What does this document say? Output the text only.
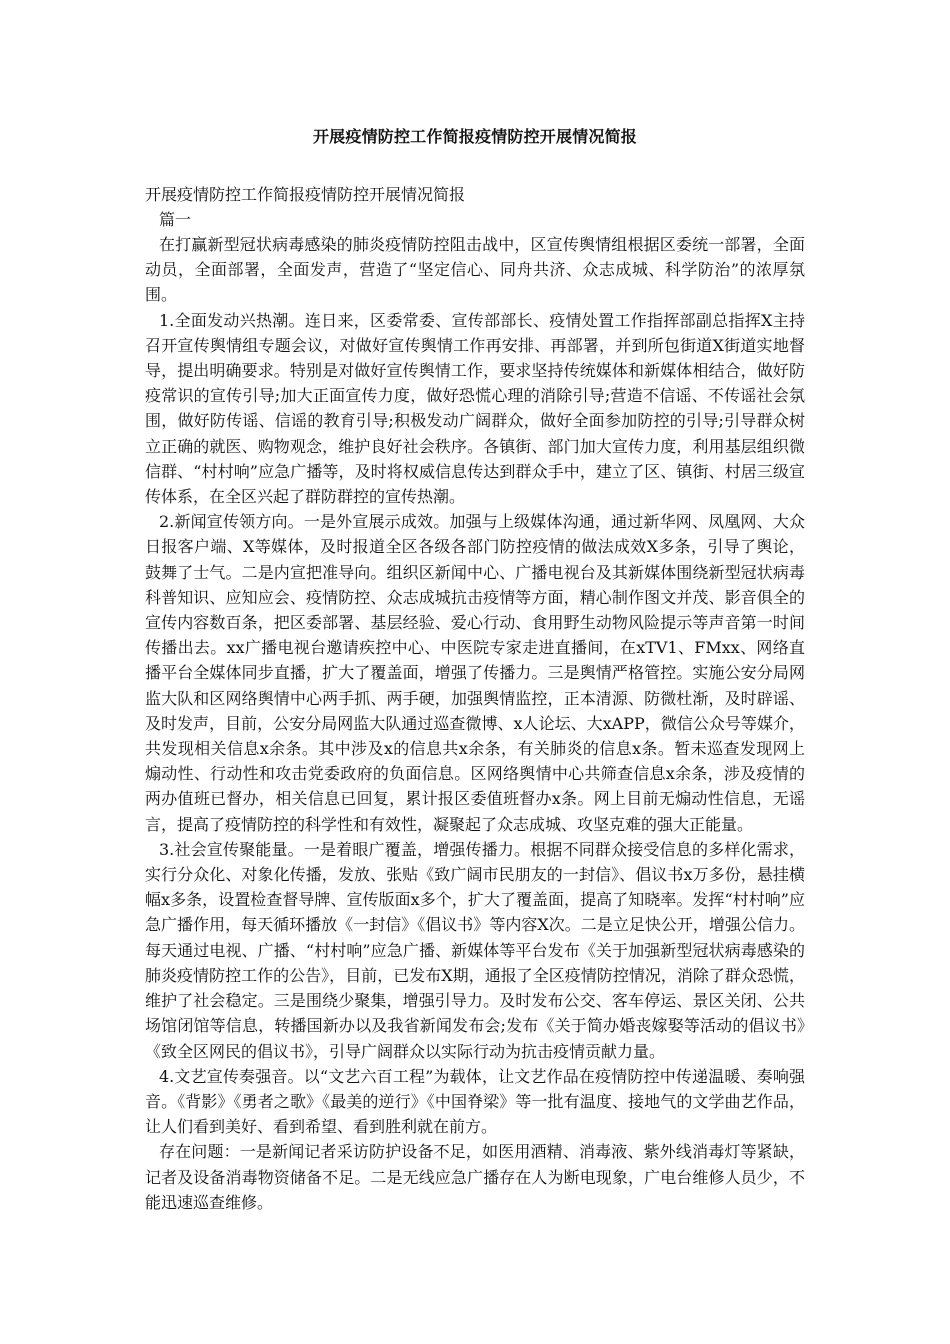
开展疫情防控工作简报疫情防控开展情况简报

开展疫情防控工作简报疫情防控开展情况简报

篇一

在打赢新型冠状病毒感染的肺炎疫情防控阻击战中，区宣传舆情组根据区委统一部署，全面动员，全面部署，全面发声，营造了“坚定信心、同舟共济、众志成城、科学防治”的浓厚氛围。

1.全面发动兴热潮。连日来，区委常委、宣传部部长、疫情处置工作指挥部副总指挥X主持召开宣传舆情组专题会议，对做好宣传舆情工作再安排、再部署，并到所包街道X街道实地督导，提出明确要求。特别是对做好宣传舆情工作，要求坚持传统媒体和新媒体相结合，做好防疫常识的宣传引导;加大正面宣传力度，做好恐慌心理的消除引导;营造不信谣、不传谣社会氛围，做好防传谣、信谣的教育引导;积极发动广阔群众，做好全面参加防控的引导;引导群众树立正确的就医、购物观念，维护良好社会秩序。各镇街、部门加大宣传力度，利用基层组织微信群、“村村响”应急广播等，及时将权威信息传达到群众手中，建立了区、镇街、村居三级宣传体系，在全区兴起了群防群控的宣传热潮。

2.新闻宣传领方向。一是外宣展示成效。加强与上级媒体沟通，通过新华网、凤凰网、大众日报客户端、X等媒体，及时报道全区各级各部门防控疫情的做法成效X多条，引导了舆论，鼓舞了士气。二是内宣把准导向。组织区新闻中心、广播电视台及其新媒体围绕新型冠状病毒科普知识、应知应会、疫情防控、众志成城抗击疫情等方面，精心制作图文并茂、影音俱全的宣传内容数百条，把区委部署、基层经验、爱心行动、食用野生动物风险提示等声音第一时间传播出去。xx广播电视台邀请疾控中心、中医院专家走进直播间，在xTV1、FMxx、网络直播平台全媒体同步直播，扩大了覆盖面，增强了传播力。三是舆情严格管控。实施公安分局网监大队和区网络舆情中心两手抓、两手硬，加强舆情监控，正本清源、防微杜渐，及时辟谣、及时发声，目前，公安分局网监大队通过巡查微博、x人论坛、大xAPP，微信公众号等媒介，共发现相关信息x余条。其中涉及x的信息共x余条，有关肺炎的信息x条。暂未巡查发现网上煽动性、行动性和攻击党委政府的负面信息。区网络舆情中心共筛查信息x余条，涉及疫情的两办值班已督办，相关信息已回复，累计报区委值班督办x条。网上目前无煽动性信息，无谣言，提高了疫情防控的科学性和有效性，凝聚起了众志成城、攻坚克难的强大正能量。

3.社会宣传聚能量。一是着眼广覆盖，增强传播力。根据不同群众接受信息的多样化需求，实行分众化、对象化传播，发放、张贴《致广阔市民朋友的一封信》、倡议书x万多份，悬挂横幅x多条，设置检查督导牌、宣传版面x多个，扩大了覆盖面，提高了知晓率。发挥“村村响”应急广播作用，每天循环播放《一封信》《倡议书》等内容X次。二是立足快公开，增强公信力。每天通过电视、广播、“村村响”应急广播、新媒体等平台发布《关于加强新型冠状病毒感染的肺炎疫情防控工作的公告》，目前，已发布X期，通报了全区疫情防控情况，消除了群众恐慌，维护了社会稳定。三是围绕少聚集，增强引导力。及时发布公交、客车停运、景区关闭、公共场馆闭馆等信息，转播国新办以及我省新闻发布会;发布《关于简办婚丧嫁娶等活动的倡议书》《致全区网民的倡议书》，引导广阔群众以实际行动为抗击疫情贡献力量。

4.文艺宣传奏强音。以“文艺六百工程”为载体，让文艺作品在疫情防控中传递温暖、奏响强音。《背影》《勇者之歌》《最美的逆行》《中国脊梁》等一批有温度、接地气的文学曲艺作品，让人们看到美好、看到希望、看到胜利就在前方。

存在问题：一是新闻记者采访防护设备不足，如医用酒精、消毒液、紫外线消毒灯等紧缺，记者及设备消毒物资储备不足。二是无线应急广播存在人为断电现象，广电台维修人员少，不能迅速巡查维修。
